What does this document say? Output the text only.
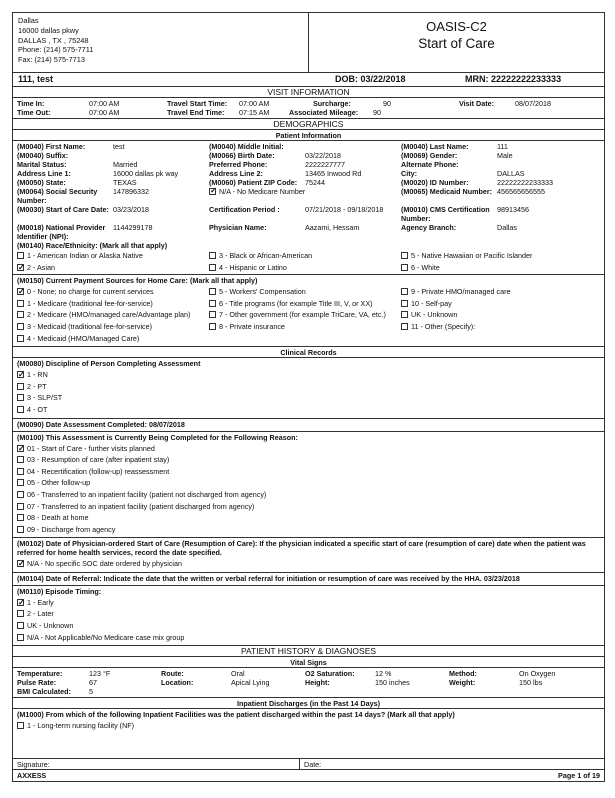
Dallas
16000 dallas pkwy
DALLAS , TX , 75248
Phone: (214) 575-7711
Fax: (214) 575-7713
OASIS-C2
Start of Care
111, test	DOB: 03/22/2018	MRN: 22222222233333
VISIT INFORMATION
Time In:	07:00 AM	Travel Start Time:	07:00 AM	Surcharge:	90	Visit Date:	08/07/2018
Time Out:	07:00 AM	Travel End Time:	07:15 AM	Associated Mileage:	90
DEMOGRAPHICS
Patient Information
(M0040) First Name:	test	(M0040) Middle Initial:	(M0040) Last Name:	111
(M0040) Suffix:	(M0066) Birth Date:	03/22/2018	(M0069) Gender:	Male
Marital Status:	Married	Preferred Phone:	2222227777	Alternate Phone:
Address Line 1:	16000 dallas pk way	Address Line 2:	13465 Inwood Rd	City:	DALLAS
(M0050) State:	TEXAS	(M0060) Patient ZIP Code:	75244	(M0020) ID Number:	22222222233333
(M0064) Social Security Number:
147896332
✓	N/A - No Medicare Number	(M0065) Medicaid Number: 456565656555
(M0030) Start of Care Date: 03/23/2018	Certification Period :	07/21/2018 - 09/18/2018	(M0010) CMS Certification Number:
98913456
(M0018) National Provider Identifier (NPI):
1144299178	Physician Name:	Aazami, Hessam	Agency Branch:	Dallas
(M0140) Race/Ethnicity: (Mark all that apply)
1 - American Indian or Alaska Native	3 - Black or African-American	5 - Native Hawaiian or Pacific Islander
✓2 - Asian	4 - Hispanic or Latino	6 - White
(M0150) Current Payment Sources for Home Care: (Mark all that apply)
✓0 - None; no charge for current services	5 - Workers' Compensation	9 - Private HMO/managed care
1 - Medicare (traditional fee-for-service)	6 - Title programs (for example Title III, V, or XX)	10 - Self-pay
2 - Medicare (HMO/managed care/Advantage plan)	7 - Other government (for example TriCare, VA, etc.)	UK - Unknown
3 - Medicaid (traditional fee-for-service)	8 - Private insurance	11 - Other (Specify):
4 - Medicaid (HMO/Managed Care)
Clinical Records
(M0080) Discipline of Person Completing Assessment
✓1 - RN
2 - PT
3 - SLP/ST
4 - OT
(M0090) Date Assessment Completed: 08/07/2018
(M0100) This Assessment is Currently Being Completed for the Following Reason:
✓01 - Start of Care - further visits planned
03 - Resumption of care (after inpatient stay)
04 - Recertification (follow-up) reassessment
05 - Other follow-up
06 - Transferred to an inpatient facility (patient not discharged from agency)
07 - Transferred to an inpatient facility (patient discharged from agency)
08 - Death at home
09 - Discharge from agency
(M0102) Date of Physician-ordered Start of Care (Resumption of Care): If the physician indicated a specific start of care (resumption of care) date when the patient was referred for home health services, record the date specified.
✓N/A - No specific SOC date ordered by physician
(M0104) Date of Referral: Indicate the date that the written or verbal referral for initiation or resumption of care was received by the HHA. 03/23/2018
(M0110) Episode Timing:
✓1 - Early
2 - Later
UK - Unknown
N/A - Not Applicable/No Medicare case mix group
PATIENT HISTORY & DIAGNOSES
Vital Signs
Temperature:	123 °F	Route:	Oral	O2 Saturation:	12 %	Method:	On Oxygen
Pulse Rate:	67	Location:	Apical Lying	Height:	150 inches	Weight:	150 lbs
BMI Calculated:	5
Inpatient Discharges (in the Past 14 Days)
(M1000) From which of the following Inpatient Facilities was the patient discharged within the past 14 days? (Mark all that apply)
1 - Long-term nursing facility (NF)
Signature:	Date:
AXXESS	Page 1 of 19
